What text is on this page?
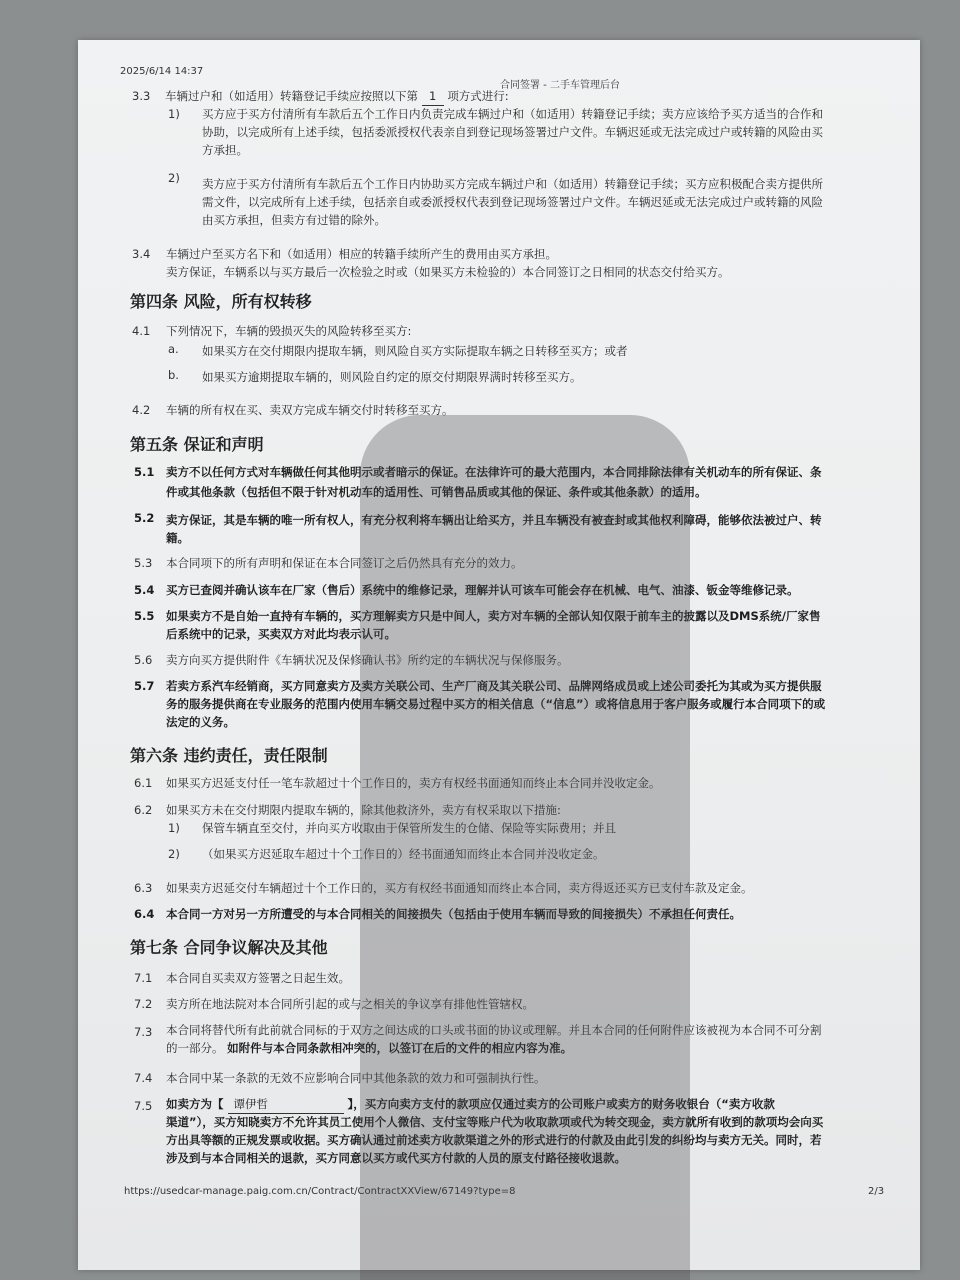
2025/6/14 14:37
合同签署 - 二手车管理后台
3.3 车辆过户和（如适用）转籍登记手续应按照以下第 1 项方式进行:
1) 买方应于买方付清所有车款后五个工作日内负责完成车辆过户和（如适用）转籍登记手续；卖方应该给予买方适当的合作和
协助，以完成所有上述手续，包括委派授权代表亲自到登记现场签署过户文件。车辆迟延或无法完成过户或转籍的风险由买
方承担。
2) 卖方应于买方付清所有车款后五个工作日内协助买方完成车辆过户和（如适用）转籍登记手续；买方应积极配合卖方提供所
需文件，以完成所有上述手续，包括亲自或委派授权代表到登记现场签署过户文件。车辆迟延或无法完成过户或转籍的风险
由买方承担，但卖方有过错的除外。
3.4 车辆过户至买方名下和（如适用）相应的转籍手续所产生的费用由买方承担。
卖方保证，车辆系以与买方最后一次检验之时或（如果买方未检验的）本合同签订之日相同的状态交付给买方。
第四条 风险，所有权转移
4.1 下列情况下，车辆的毁损灭失的风险转移至买方:
a. 如果买方在交付期限内提取车辆，则风险自买方实际提取车辆之日转移至买方；或者
b. 如果买方逾期提取车辆的，则风险自约定的原交付期限界满时转移至买方。
4.2 车辆的所有权在买、卖双方完成车辆交付时转移至买方。
第五条 保证和声明
5.1 卖方不以任何方式对车辆做任何其他明示或者暗示的保证。在法律许可的最大范围内，本合同排除法律有关机动车的所有保证、条
件或其他条款（包括但不限于针对机动车的适用性、可销售品质或其他的保证、条件或其他条款）的适用。
5.2 卖方保证，其是车辆的唯一所有权人，有充分权利将车辆出让给买方，并且车辆没有被查封或其他权利障碍，能够依法被过户、转
籍。
5.3 本合同项下的所有声明和保证在本合同签订之后仍然具有充分的效力。
5.4 买方已查阅并确认该车在厂家（售后）系统中的维修记录，理解并认可该车可能会存在机械、电气、油漆、钣金等维修记录。
5.5 如果卖方不是自始一直持有车辆的，买方理解卖方只是中间人，卖方对车辆的全部认知仅限于前车主的披露以及DMS系统/厂家售
后系统中的记录，买卖双方对此均表示认可。
5.6 卖方向买方提供附件《车辆状况及保修确认书》所约定的车辆状况与保修服务。
5.7 若卖方系汽车经销商，买方同意卖方及卖方关联公司、生产厂商及其关联公司、品牌网络成员或上述公司委托为其或为买方提供服
务的服务提供商在专业服务的范围内使用车辆交易过程中买方的相关信息（“信息”）或将信息用于客户服务或履行本合同项下的或
法定的义务。
第六条 违约责任，责任限制
6.1 如果买方迟延支付任一笔车款超过十个工作日的，卖方有权经书面通知而终止本合同并没收定金。
6.2 如果买方未在交付期限内提取车辆的，除其他救济外，卖方有权采取以下措施:
1) 保管车辆直至交付，并向买方收取由于保管所发生的仓储、保险等实际费用；并且
2) （如果买方迟延取车超过十个工作日的）经书面通知而终止本合同并没收定金。
6.3 如果卖方迟延交付车辆超过十个工作日的，买方有权经书面通知而终止本合同，卖方得返还买方已支付车款及定金。
6.4 本合同一方对另一方所遭受的与本合同相关的间接损失（包括由于使用车辆而导致的间接损失）不承担任何责任。
第七条 合同争议解决及其他
7.1 本合同自买卖双方签署之日起生效。
7.2 卖方所在地法院对本合同所引起的或与之相关的争议享有排他性管辖权。
7.3 本合同将替代所有此前就合同标的于双方之间达成的口头或书面的协议或理解。并且本合同的任何附件应该被视为本合同不可分割
的一部分。 如附件与本合同条款相冲突的，以签订在后的文件的相应内容为准。
7.4 本合同中某一条款的无效不应影响合同中其他条款的效力和可强制执行性。
7.5 如卖方为【 谭伊哲	】，买方向卖方支付的款项应仅通过卖方的公司账户或卖方的财务收银台（“卖方收款
渠道”），买方知晓卖方不允许其员工使用个人微信、支付宝等账户代为收取款项或代为转交现金，卖方就所有收到的款项均会向买
方出具等额的正规发票或收据。买方确认通过前述卖方收款渠道之外的形式进行的付款及由此引发的纠纷均与卖方无关。同时，若
涉及到与本合同相关的退款，买方同意以买方或代买方付款的人员的原支付路径接收退款。
https://usedcar-manage.paig.com.cn/Contract/ContractXXView/67149?type=8	2/3
